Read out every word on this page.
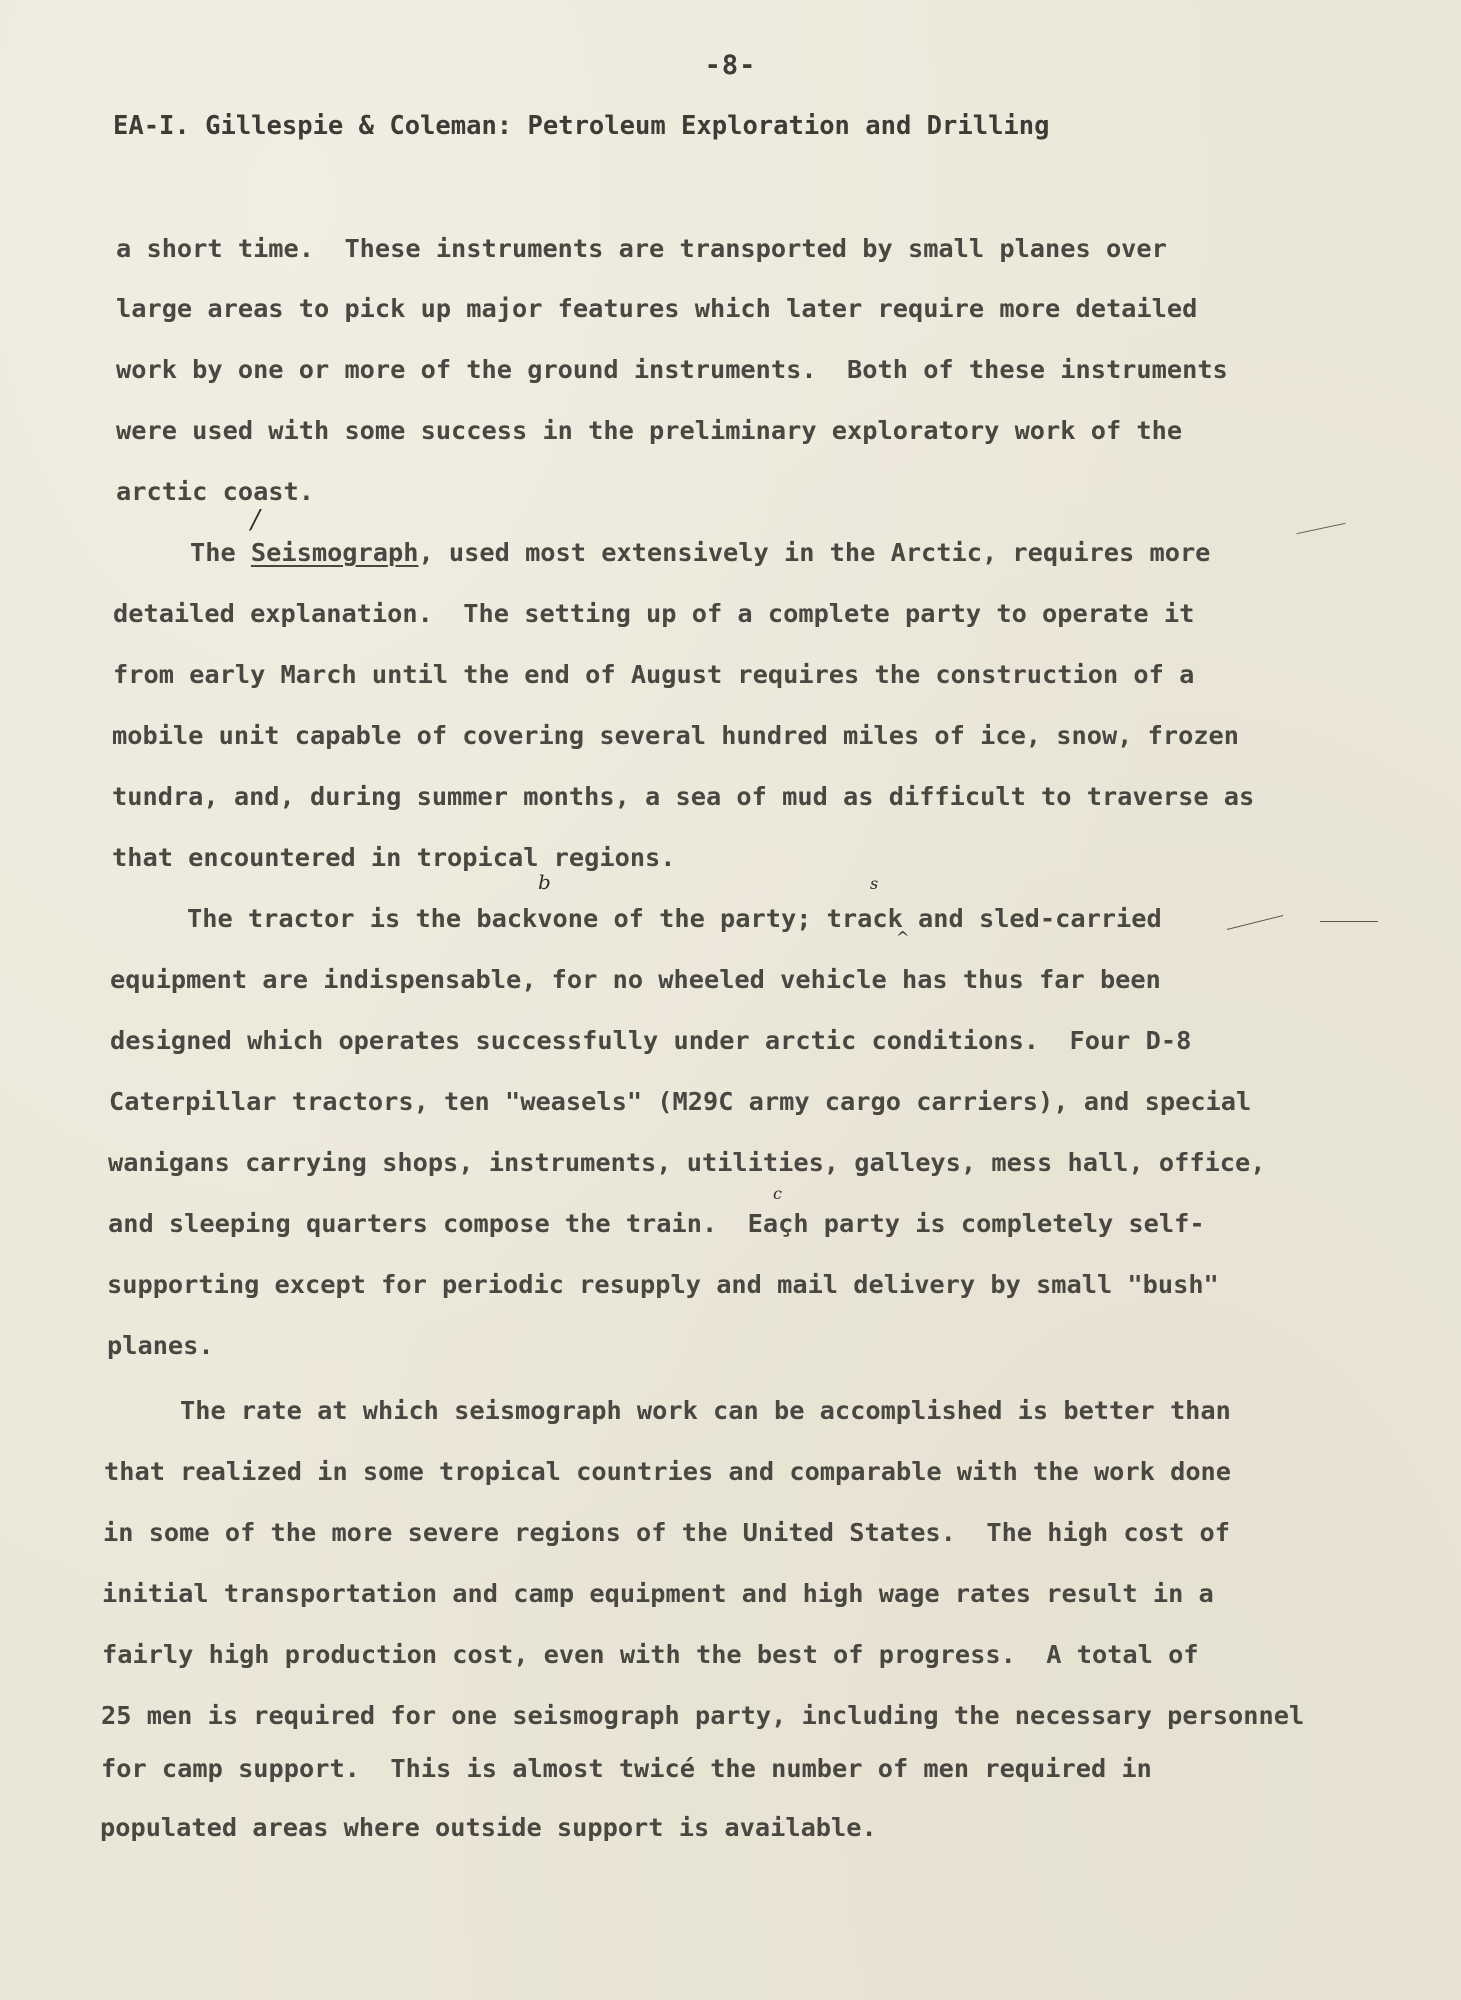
-8-
EA-I. Gillespie & Coleman: Petroleum Exploration and Drilling
a short time.  These instruments are transported by small planes over
large areas to pick up major features which later require more detailed
work by one or more of the ground instruments.  Both of these instruments
were used with some success in the preliminary exploratory work of the
arctic coast.
The Seismograph, used most extensively in the Arctic, requires more
detailed explanation.  The setting up of a complete party to operate it
from early March until the end of August requires the construction of a
mobile unit capable of covering several hundred miles of ice, snow, frozen
tundra, and, during summer months, a sea of mud as difficult to traverse as
that encountered in tropical regions.
The tractor is the backvone of the party; track and sled-carried
equipment are indispensable, for no wheeled vehicle has thus far been
designed which operates successfully under arctic conditions.  Four D-8
Caterpillar tractors, ten "weasels" (M29C army cargo carriers), and special
wanigans carrying shops, instruments, utilities, galleys, mess hall, office,
and sleeping quarters compose the train.  Eaçh party is completely self-
supporting except for periodic resupply and mail delivery by small "bush"
planes.
The rate at which seismograph work can be accomplished is better than
that realized in some tropical countries and comparable with the work done
in some of the more severe regions of the United States.  The high cost of
initial transportation and camp equipment and high wage rates result in a
fairly high production cost, even with the best of progress.  A total of
25 men is required for one seismograph party, including the necessary personnel
for camp support.  This is almost twicé the number of men required in
populated areas where outside support is available.
/
b	s
^
c
